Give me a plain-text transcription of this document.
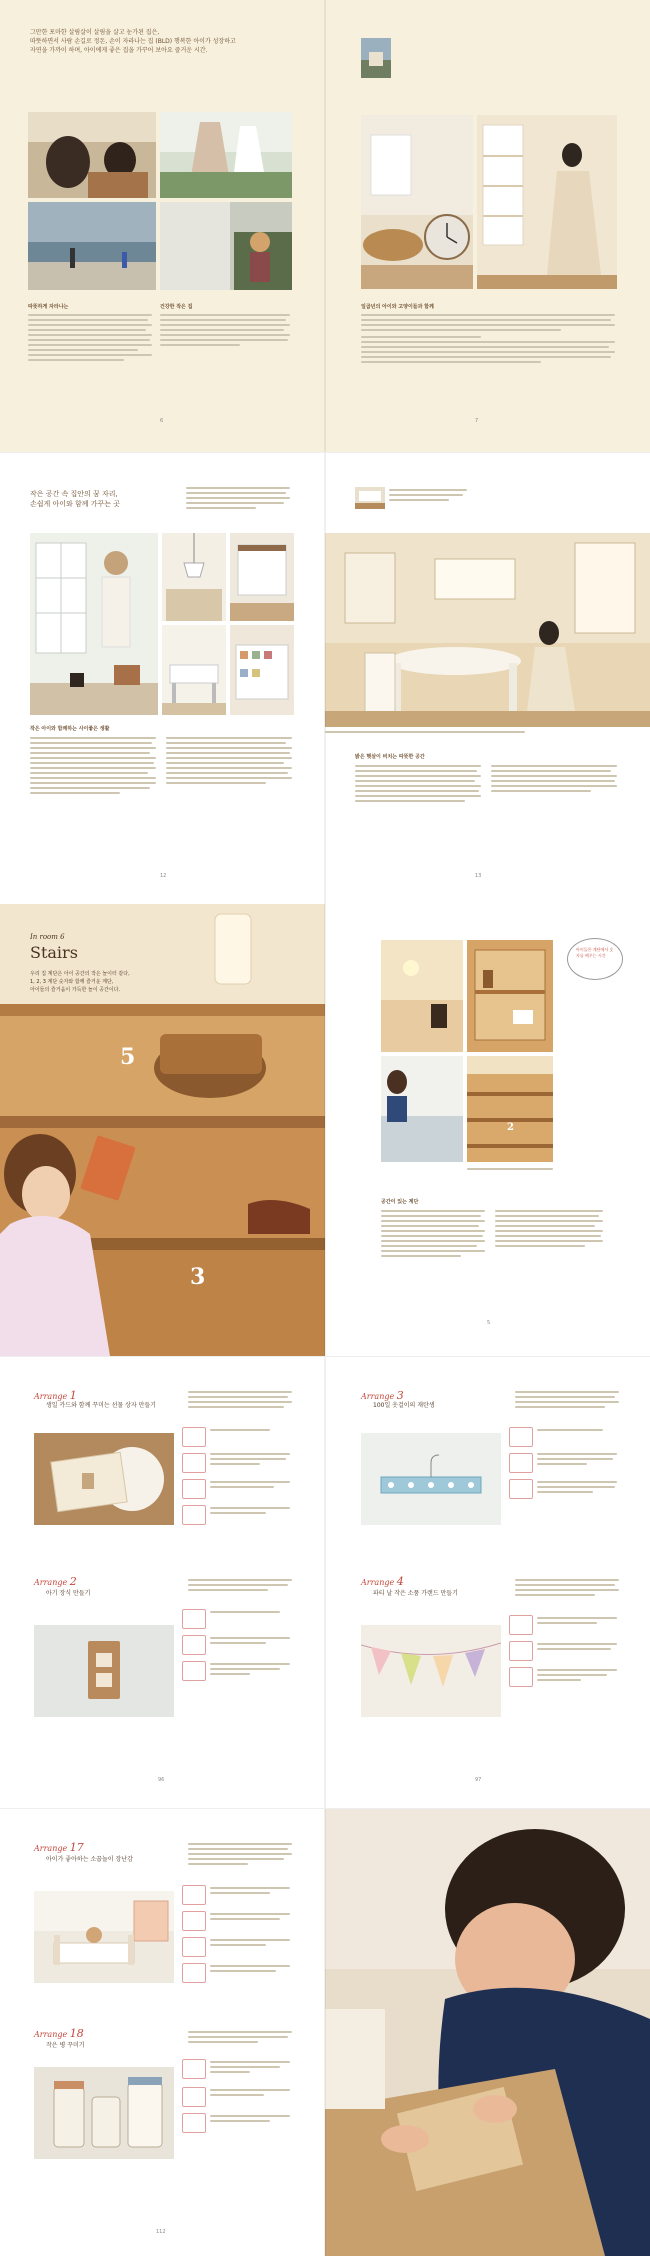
그만한 포마한 살림살이 살림을 살고 눈가된 집은,
따뜻하면서 사람 손길로 정돈, 손이 자라나는 집 (BLD) 행복한 아이가 성장하고
자연을 가까이 하며, 아이에게 좋은 집을 가꾸어 보아요 즐거운 시간.
따뜻하게 자라나는	건강한 작은 집
6
일곱년의 아이와 고양이들과 함께
7
작은 공간 속 집안의 꿈 자리,
손쉽게 아이와 함께 가꾸는 곳
작은 아이와 함께하는 사이좋은 생활
12
밝은 햇살이 비치는 따뜻한 공간
13
In room 6
Stairs
우리 집 계단은 아이 공간의 작은 놀이터 같다,
1, 2, 3 계단 숫자와 함께 즐거운 계단,
아이들의 즐거움이 가득한 놀이 공간이다.
5
3
2
아이들은 계단에서 숫자를 배우는 시간
공간이 있는 계단
5
Arrange 1
생일 카드와 함께 꾸미는 선물 상자 만들기
Arrange 2
아기 장식 만들기
96
Arrange 3
100일 옷걸이의 재탄생
Arrange 4
파티 날 작은 소품 가랜드 만들기
97
Arrange 17
아이가 좋아하는 소꿉놀이 장난감
Arrange 18
작은 병 꾸미기
112
